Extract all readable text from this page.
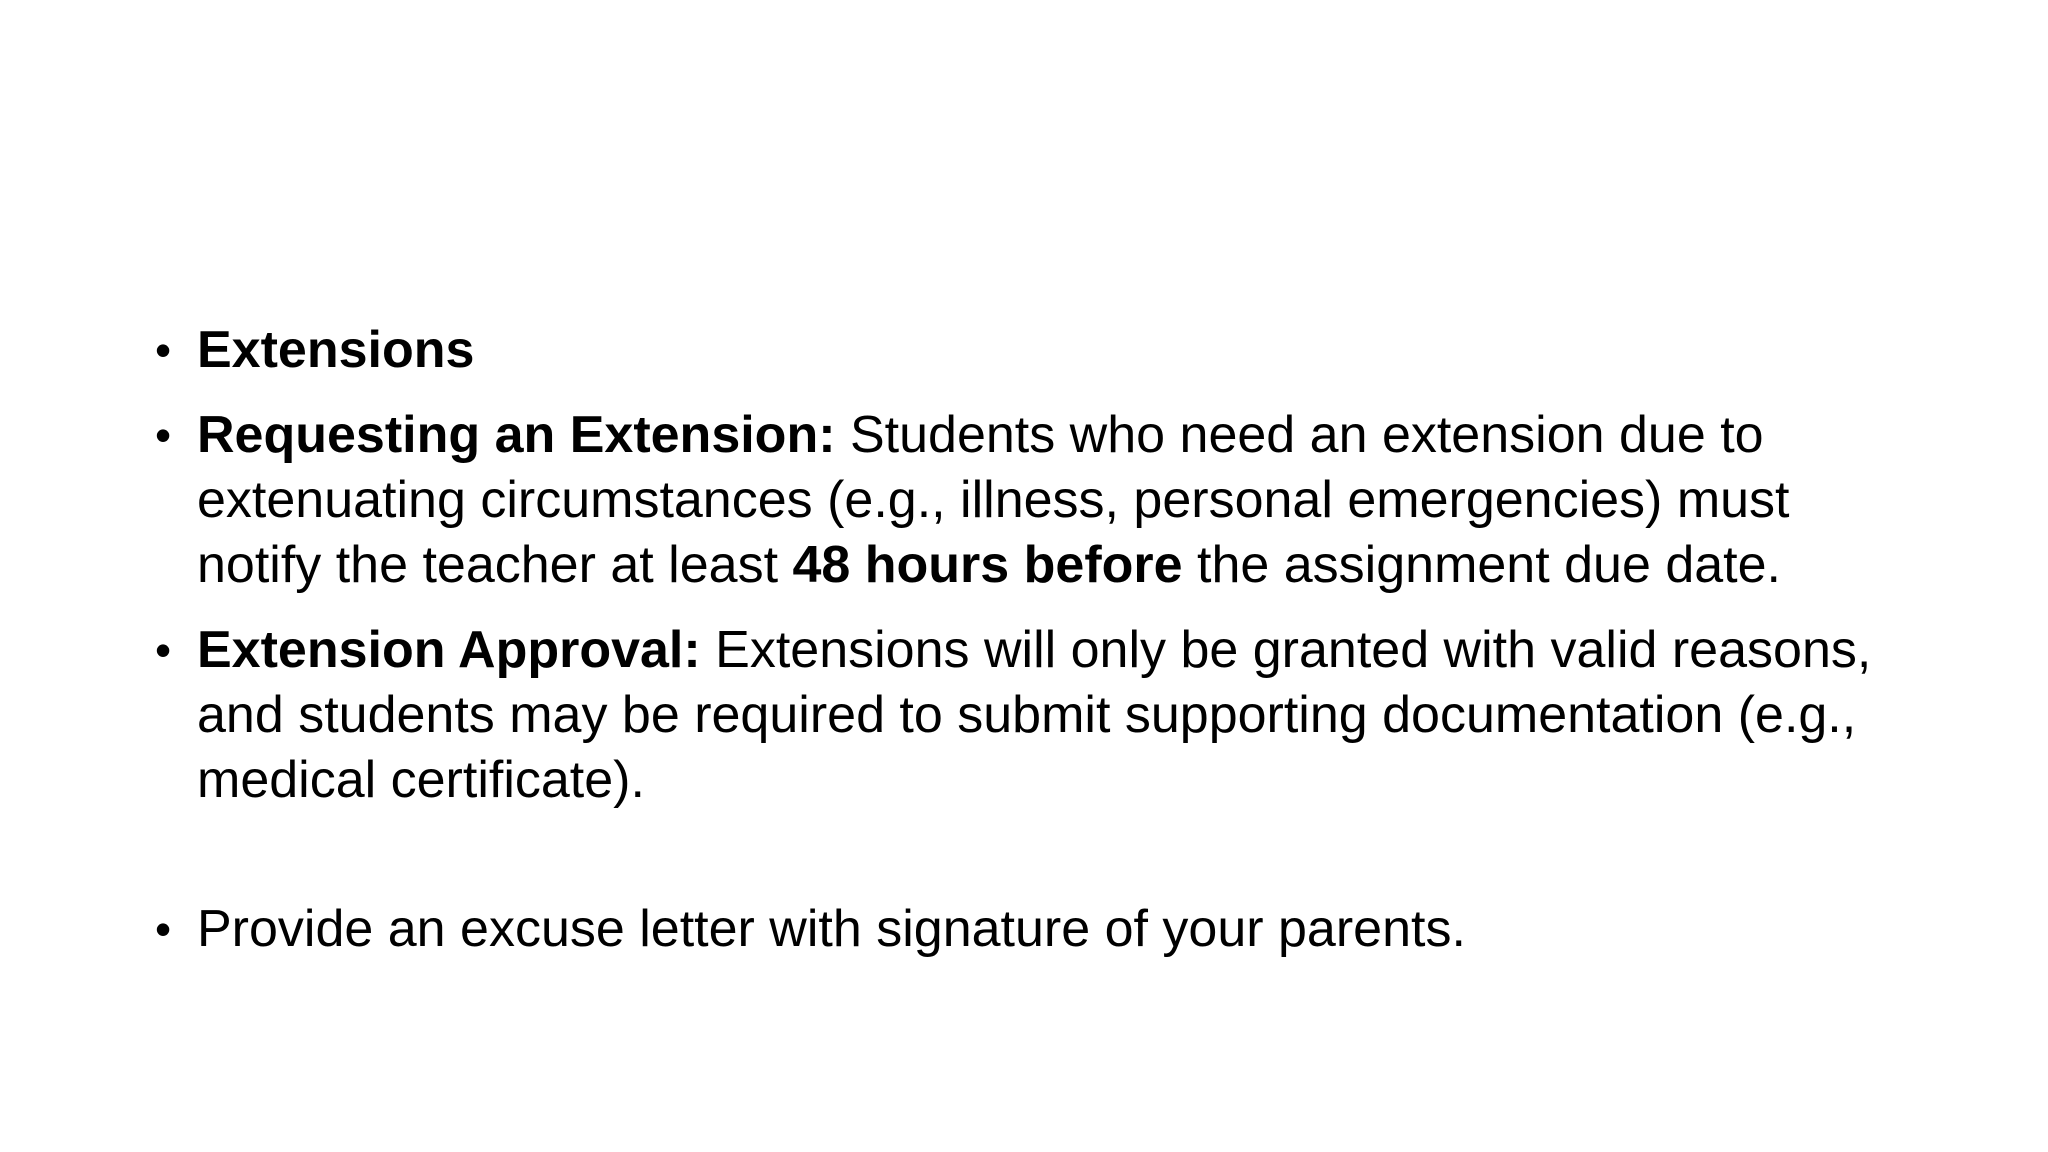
• Extensions
• Requesting an Extension: Students who need an extension due to extenuating circumstances (e.g., illness, personal emergencies) must notify the teacher at least 48 hours before the assignment due date.
• Extension Approval: Extensions will only be granted with valid reasons, and students may be required to submit supporting documentation (e.g., medical certificate).
• Provide an excuse letter with signature of your parents.
